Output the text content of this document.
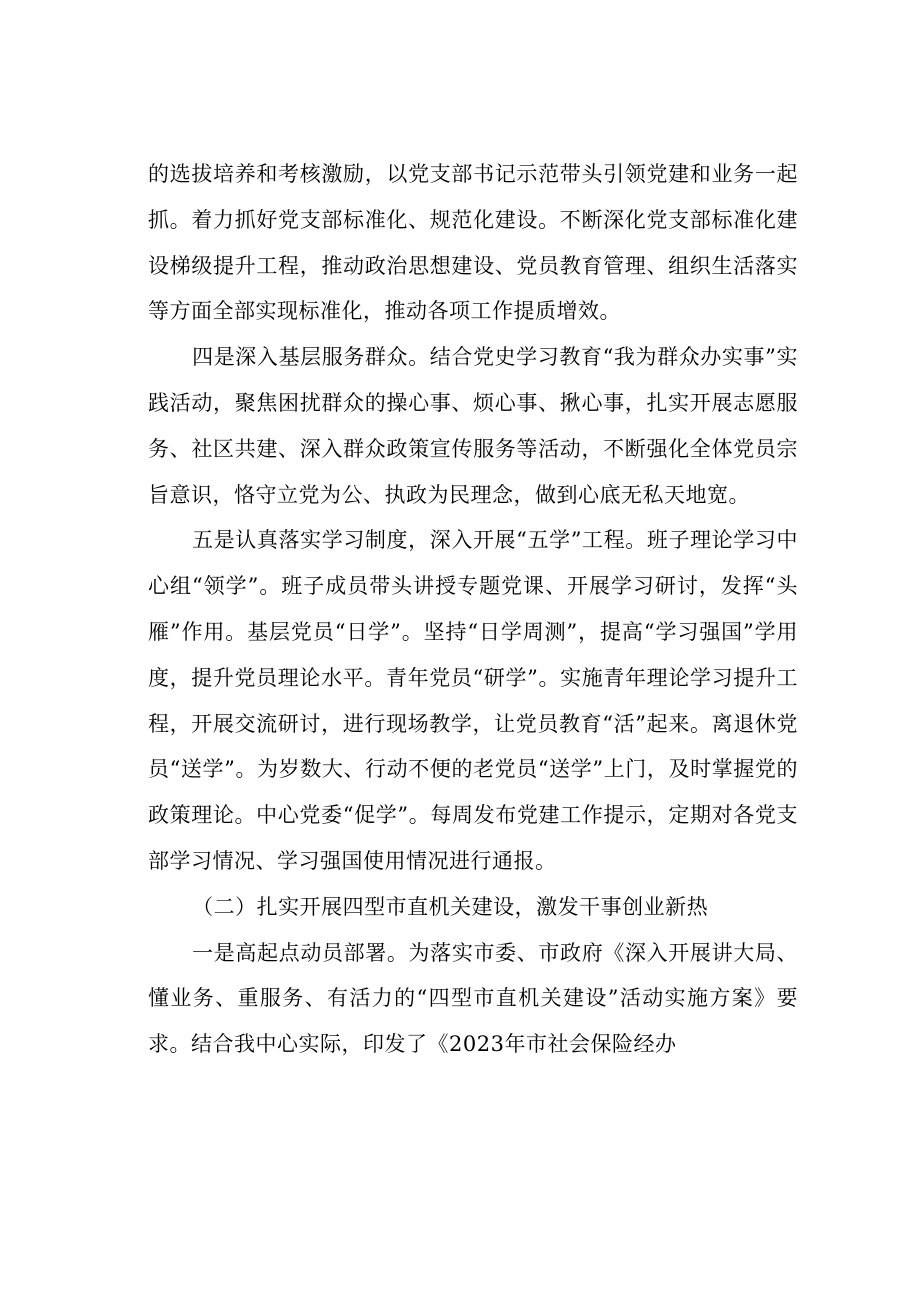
的选拔培养和考核激励，以党支部书记示范带头引领党建和业务一起抓。着力抓好党支部标准化、规范化建设。不断深化党支部标准化建设梯级提升工程，推动政治思想建设、党员教育管理、组织生活落实等方面全部实现标准化，推动各项工作提质增效。

四是深入基层服务群众。结合党史学习教育“我为群众办实事”实践活动，聚焦困扰群众的操心事、烦心事、揪心事，扎实开展志愿服务、社区共建、深入群众政策宣传服务等活动，不断强化全体党员宗旨意识，恪守立党为公、执政为民理念，做到心底无私天地宽。

五是认真落实学习制度，深入开展“五学”工程。班子理论学习中心组“领学”。班子成员带头讲授专题党课、开展学习研讨，发挥“头雁”作用。基层党员“日学”。坚持“日学周测”，提高“学习强国”学用度，提升党员理论水平。青年党员“研学”。实施青年理论学习提升工程，开展交流研讨，进行现场教学，让党员教育“活”起来。离退休党员“送学”。为岁数大、行动不便的老党员“送学”上门，及时掌握党的政策理论。中心党委“促学”。每周发布党建工作提示，定期对各党支部学习情况、学习强国使用情况进行通报。

（二）扎实开展四型市直机关建设，激发干事创业新热

一是高起点动员部署。为落实市委、市政府《深入开展讲大局、懂业务、重服务、有活力的“四型市直机关建设”活动实施方案》要求。结合我中心实际，印发了《2023年市社会保险经办
